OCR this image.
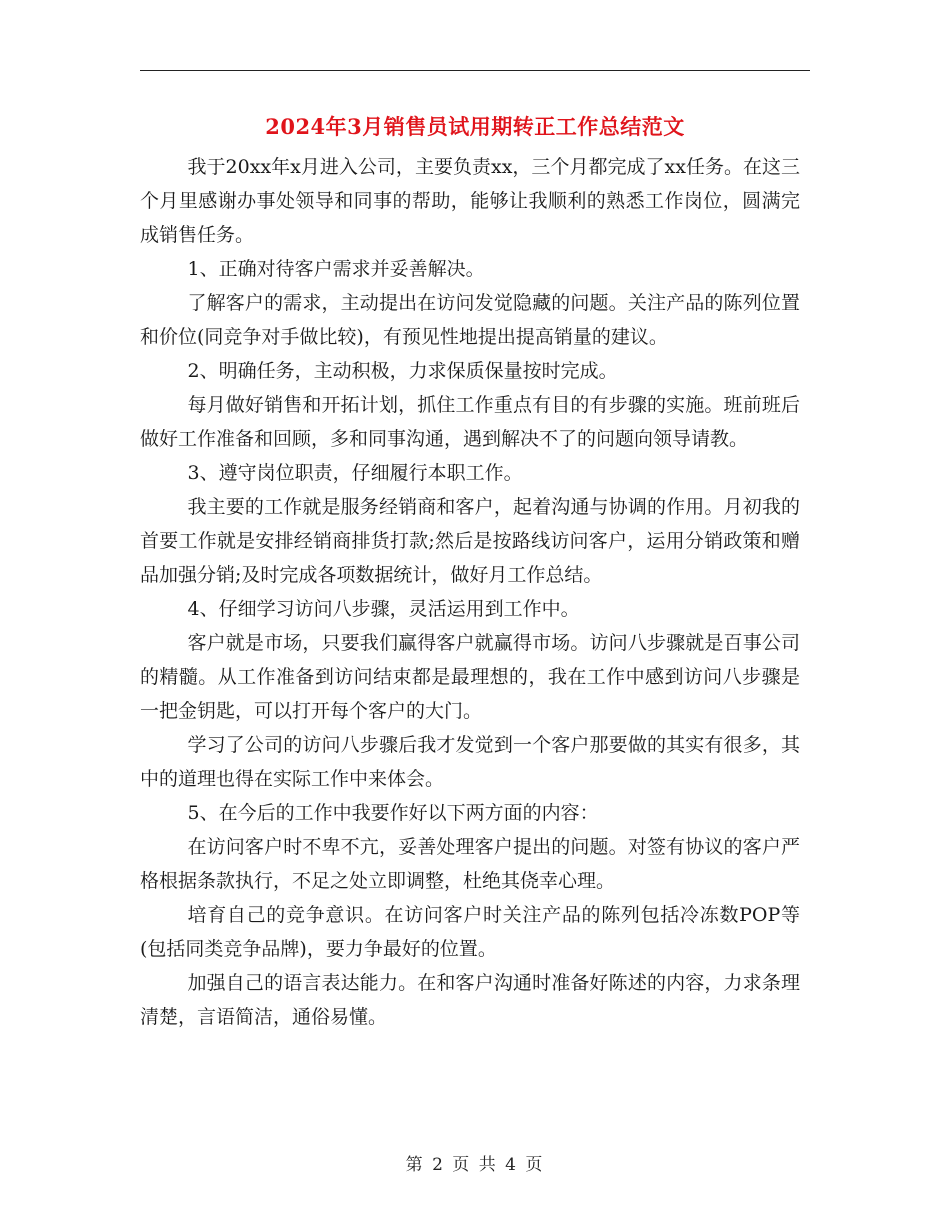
2024年3月销售员试用期转正工作总结范文

我于20xx年x月进入公司，主要负责xx，三个月都完成了xx任务。在这三个月里感谢办事处领导和同事的帮助，能够让我顺利的熟悉工作岗位，圆满完成销售任务。

1、正确对待客户需求并妥善解决。

了解客户的需求，主动提出在访问发觉隐藏的问题。关注产品的陈列位置和价位(同竞争对手做比较)，有预见性地提出提高销量的建议。

2、明确任务，主动积极，力求保质保量按时完成。

每月做好销售和开拓计划，抓住工作重点有目的有步骤的实施。班前班后做好工作准备和回顾，多和同事沟通，遇到解决不了的问题向领导请教。

3、遵守岗位职责，仔细履行本职工作。

我主要的工作就是服务经销商和客户，起着沟通与协调的作用。月初我的首要工作就是安排经销商排货打款;然后是按路线访问客户，运用分销政策和赠品加强分销;及时完成各项数据统计，做好月工作总结。

4、仔细学习访问八步骤，灵活运用到工作中。

客户就是市场，只要我们赢得客户就赢得市场。访问八步骤就是百事公司的精髓。从工作准备到访问结束都是最理想的，我在工作中感到访问八步骤是一把金钥匙，可以打开每个客户的大门。

学习了公司的访问八步骤后我才发觉到一个客户那要做的其实有很多，其中的道理也得在实际工作中来体会。

5、在今后的工作中我要作好以下两方面的内容：

在访问客户时不卑不亢，妥善处理客户提出的问题。对签有协议的客户严格根据条款执行，不足之处立即调整，杜绝其侥幸心理。

培育自己的竞争意识。在访问客户时关注产品的陈列包括冷冻数POP等(包括同类竞争品牌)，要力争最好的位置。

加强自己的语言表达能力。在和客户沟通时准备好陈述的内容，力求条理清楚，言语简洁，通俗易懂。

第 2 页 共 4 页
